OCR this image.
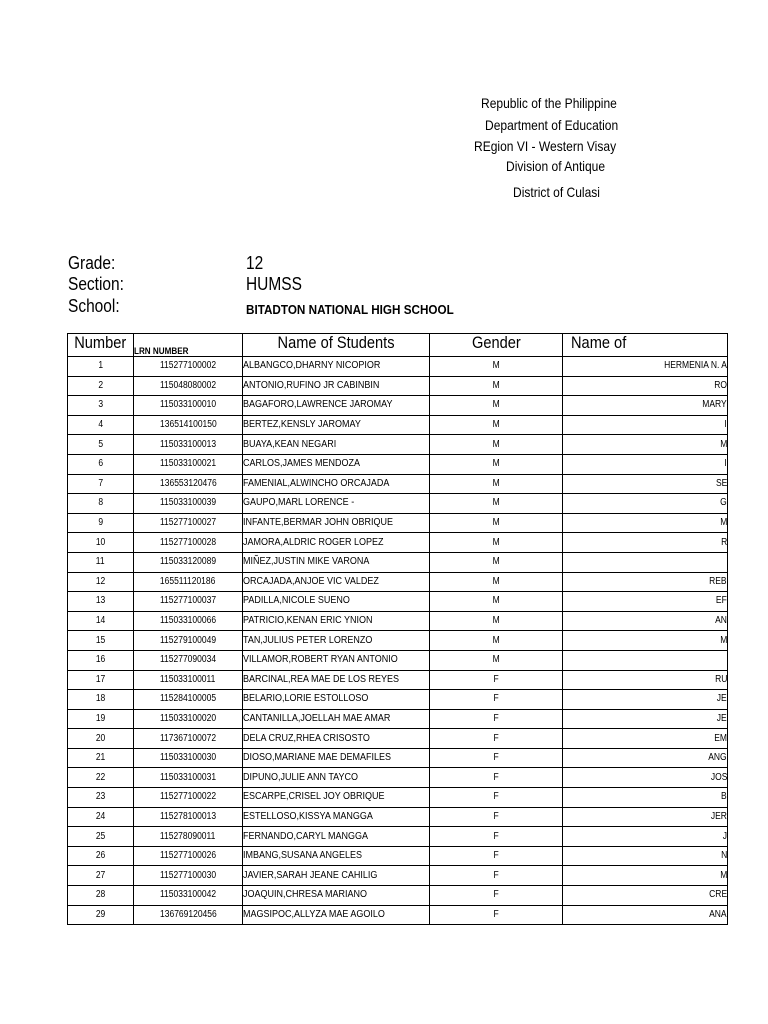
Republic of the Philippine
Department of Education
REgion VI - Western Visay
Division of Antique
District of Culasi
Grade:	12
Section:	HUMSS
School:	BITADTON NATIONAL HIGH SCHOOL
Number	LRN NUMBER	Name of Students	Gender	Name of
1	115277100002	ALBANGCO,DHARNY NICOPIOR	M	HERMENIA N. A
2	115048080002	ANTONIO,RUFINO JR CABINBIN	M	RO
3	115033100010	BAGAFORO,LAWRENCE JAROMAY	M	MARY
4	136514100150	BERTEZ,KENSLY JAROMAY	M	I
5	115033100013	BUAYA,KEAN NEGARI	M	M
6	115033100021	CARLOS,JAMES MENDOZA	M	I
7	136553120476	FAMENIAL,ALWINCHO ORCAJADA	M	SE
8	115033100039	GAUPO,MARL LORENCE -	M	G
9	115277100027	INFANTE,BERMAR JOHN OBRIQUE	M	M
10	115277100028	JAMORA,ALDRIC ROGER LOPEZ	M	R
11	115033120089	MIÑEZ,JUSTIN MIKE VARONA	M	
12	165511120186	ORCAJADA,ANJOE VIC VALDEZ	M	REB
13	115277100037	PADILLA,NICOLE SUENO	M	EF
14	115033100066	PATRICIO,KENAN ERIC YNION	M	AN
15	115279100049	TAN,JULIUS PETER LORENZO	M	M
16	115277090034	VILLAMOR,ROBERT RYAN ANTONIO	M	
17	115033100011	BARCINAL,REA MAE DE LOS REYES	F	RU
18	115284100005	BELARIO,LORIE ESTOLLOSO	F	JE
19	115033100020	CANTANILLA,JOELLAH MAE AMAR	F	JE
20	117367100072	DELA CRUZ,RHEA CRISOSTO	F	EM
21	115033100030	DIOSO,MARIANE MAE DEMAFILES	F	ANG
22	115033100031	DIPUNO,JULIE ANN TAYCO	F	JOS
23	115277100022	ESCARPE,CRISEL JOY OBRIQUE	F	B
24	115278100013	ESTELLOSO,KISSYA MANGGA	F	JER
25	115278090011	FERNANDO,CARYL MANGGA	F	J
26	115277100026	IMBANG,SUSANA ANGELES	F	N
27	115277100030	JAVIER,SARAH JEANE CAHILIG	F	M
28	115033100042	JOAQUIN,CHRESA MARIANO	F	CRE
29	136769120456	MAGSIPOC,ALLYZA MAE AGOILO	F	ANA
